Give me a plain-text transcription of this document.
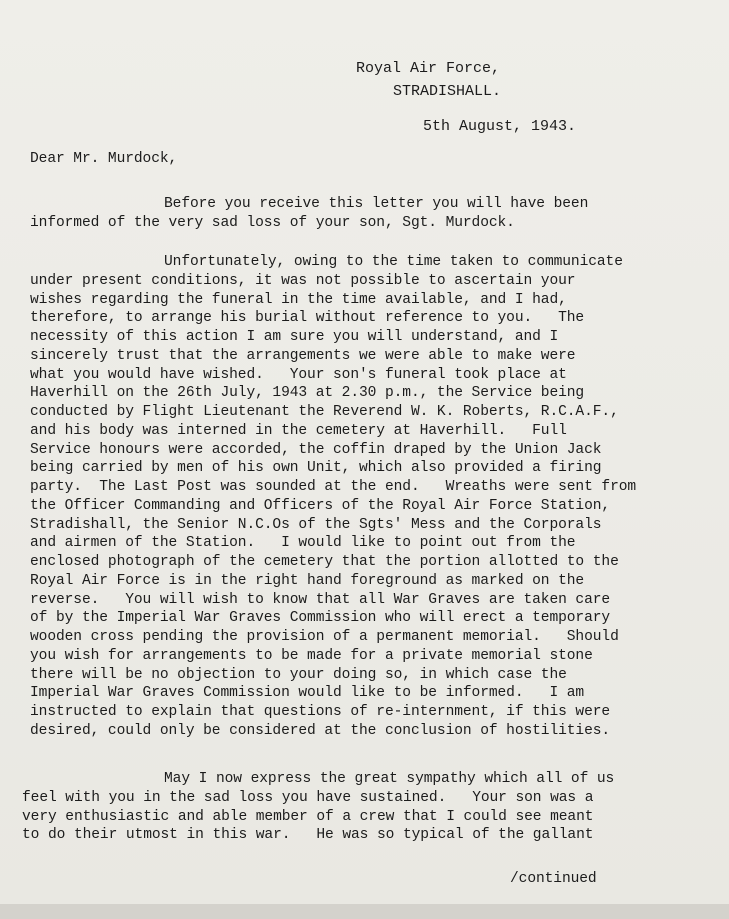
Royal Air Force,
STRADISHALL.
5th August, 1943.
Dear Mr. Murdock,
Before you receive this letter you will have been
informed of the very sad loss of your son, Sgt. Murdock.
Unfortunately, owing to the time taken to communicate
under present conditions, it was not possible to ascertain your
wishes regarding the funeral in the time available, and I had,
therefore, to arrange his burial without reference to you.   The
necessity of this action I am sure you will understand, and I
sincerely trust that the arrangements we were able to make were
what you would have wished.   Your son's funeral took place at
Haverhill on the 26th July, 1943 at 2.30 p.m., the Service being
conducted by Flight Lieutenant the Reverend W. K. Roberts, R.C.A.F.,
and his body was interned in the cemetery at Haverhill.   Full
Service honours were accorded, the coffin draped by the Union Jack
being carried by men of his own Unit, which also provided a firing
party.  The Last Post was sounded at the end.   Wreaths were sent from
the Officer Commanding and Officers of the Royal Air Force Station,
Stradishall, the Senior N.C.Os of the Sgts' Mess and the Corporals
and airmen of the Station.   I would like to point out from the
enclosed photograph of the cemetery that the portion allotted to the
Royal Air Force is in the right hand foreground as marked on the
reverse.   You will wish to know that all War Graves are taken care
of by the Imperial War Graves Commission who will erect a temporary
wooden cross pending the provision of a permanent memorial.   Should
you wish for arrangements to be made for a private memorial stone
there will be no objection to your doing so, in which case the
Imperial War Graves Commission would like to be informed.   I am
instructed to explain that questions of re-internment, if this were
desired, could only be considered at the conclusion of hostilities.
May I now express the great sympathy which all of us
feel with you in the sad loss you have sustained.   Your son was a
very enthusiastic and able member of a crew that I could see meant
to do their utmost in this war.   He was so typical of the gallant
/continued
